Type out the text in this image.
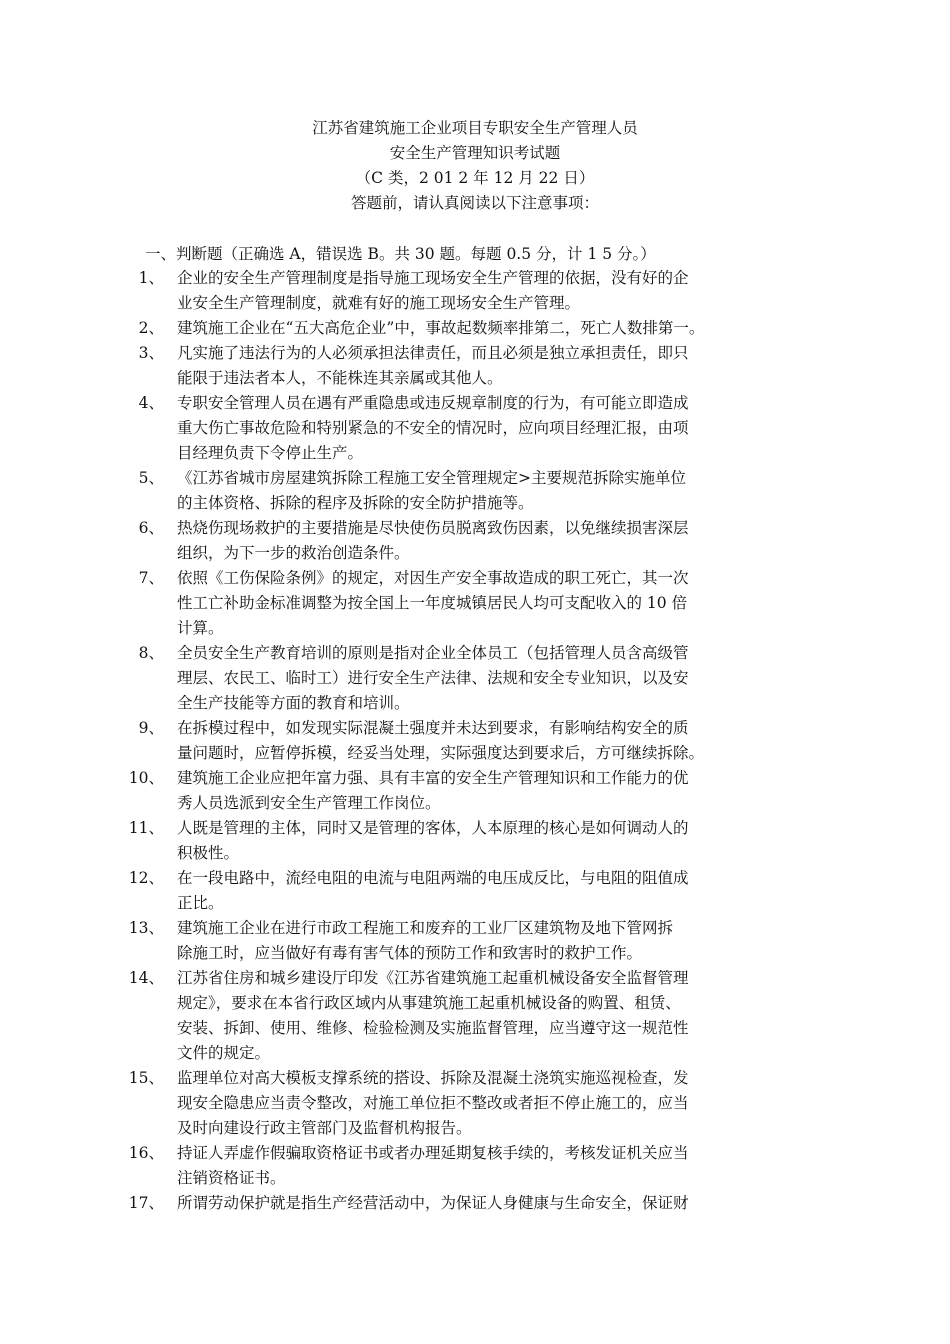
江苏省建筑施工企业项目专职安全生产管理人员
安全生产管理知识考试题
（C 类，2 01 2 年 12 月 22 日）
答题前，请认真阅读以下注意事项：
一、判断题（正确选 A，错误选 B。共 30 题。每题 0.5 分，计 1 5 分。）
1、 企业的安全生产管理制度是指导施工现场安全生产管理的依据，没有好的企
业安全生产管理制度，就难有好的施工现场安全生产管理。
2、 建筑施工企业在“五大高危企业”中，事故起数频率排第二，死亡人数排第一。
3、 凡实施了违法行为的人必须承担法律责任，而且必须是独立承担责任，即只
能限于违法者本人，不能株连其亲属或其他人。
4、 专职安全管理人员在遇有严重隐患或违反规章制度的行为，有可能立即造成
重大伤亡事故危险和特别紧急的不安全的情况时，应向项目经理汇报，由项
目经理负责下令停止生产。
5、 《江苏省城市房屋建筑拆除工程施工安全管理规定>主要规范拆除实施单位
的主体资格、拆除的程序及拆除的安全防护措施等。
6、 热烧伤现场救护的主要措施是尽快使伤员脱离致伤因素，以免继续损害深层
组织，为下一步的救治创造条件。
7、 依照《工伤保险条例》的规定，对因生产安全事故造成的职工死亡，其一次
性工亡补助金标准调整为按全国上一年度城镇居民人均可支配收入的 10 倍
计算。
8、 全员安全生产教育培训的原则是指对企业全体员工（包括管理人员含高级管
理层、农民工、临时工）进行安全生产法律、法规和安全专业知识，以及安
全生产技能等方面的教育和培训。
9、 在拆模过程中，如发现实际混凝土强度并未达到要求，有影响结构安全的质
量问题时，应暂停拆模，经妥当处理，实际强度达到要求后，方可继续拆除。
10、 建筑施工企业应把年富力强、具有丰富的安全生产管理知识和工作能力的优
秀人员选派到安全生产管理工作岗位。
11、 人既是管理的主体，同时又是管理的客体，人本原理的核心是如何调动人的
积极性。
12、 在一段电路中，流经电阻的电流与电阻两端的电压成反比，与电阻的阻值成
正比。
13、 建筑施工企业在进行市政工程施工和废弃的工业厂区建筑物及地下管网拆
除施工时，应当做好有毒有害气体的预防工作和致害时的救护工作。
14、 江苏省住房和城乡建设厅印发《江苏省建筑施工起重机械设备安全监督管理
规定》，要求在本省行政区域内从事建筑施工起重机械设备的购置、租赁、
安装、拆卸、使用、维修、检验检测及实施监督管理，应当遵守这一规范性
文件的规定。
15、 监理单位对高大模板支撑系统的搭设、拆除及混凝土浇筑实施巡视检查，发
现安全隐患应当责令整改，对施工单位拒不整改或者拒不停止施工的，应当
及时向建设行政主管部门及监督机构报告。
16、 持证人弄虚作假骗取资格证书或者办理延期复核手续的，考核发证机关应当
注销资格证书。
17、 所谓劳动保护就是指生产经营活动中，为保证人身健康与生命安全，保证财
